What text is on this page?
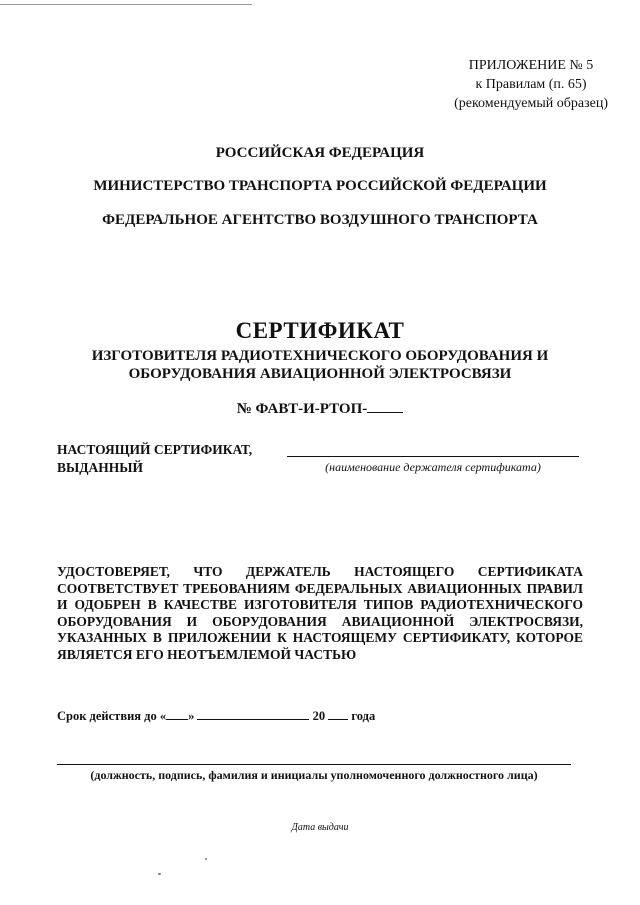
ПРИЛОЖЕНИЕ № 5
к Правилам (п. 65)
(рекомендуемый образец)
РОССИЙСКАЯ ФЕДЕРАЦИЯ
МИНИСТЕРСТВО ТРАНСПОРТА РОССИЙСКОЙ ФЕДЕРАЦИИ
ФЕДЕРАЛЬНОЕ АГЕНТСТВО ВОЗДУШНОГО ТРАНСПОРТА
СЕРТИФИКАТ
ИЗГОТОВИТЕЛЯ РАДИОТЕХНИЧЕСКОГО ОБОРУДОВАНИЯ И
ОБОРУДОВАНИЯ АВИАЦИОННОЙ ЭЛЕКТРОСВЯЗИ
№ ФАВТ-И-РТОП-
НАСТОЯЩИЙ СЕРТИФИКАТ,
ВЫДАННЫЙ	(наименование держателя сертификата)
УДОСТОВЕРЯЕТ, ЧТО ДЕРЖАТЕЛЬ НАСТОЯЩЕГО СЕРТИФИКАТА СООТВЕТСТВУЕТ ТРЕБОВАНИЯМ ФЕДЕРАЛЬНЫХ АВИАЦИОННЫХ ПРАВИЛ И ОДОБРЕН В КАЧЕСТВЕ ИЗГОТОВИТЕЛЯ ТИПОВ РАДИОТЕХНИЧЕСКОГО ОБОРУДОВАНИЯ И ОБОРУДОВАНИЯ АВИАЦИОННОЙ ЭЛЕКТРОСВЯЗИ, УКАЗАННЫХ В ПРИЛОЖЕНИИ К НАСТОЯЩЕМУ СЕРТИФИКАТУ, КОТОРОЕ ЯВЛЯЕТСЯ ЕГО НЕОТЪЕМЛЕМОЙ ЧАСТЬЮ
Срок действия до « »	20 года
(должность, подпись, фамилия и инициалы уполномоченного должностного лица)
Дата выдачи
